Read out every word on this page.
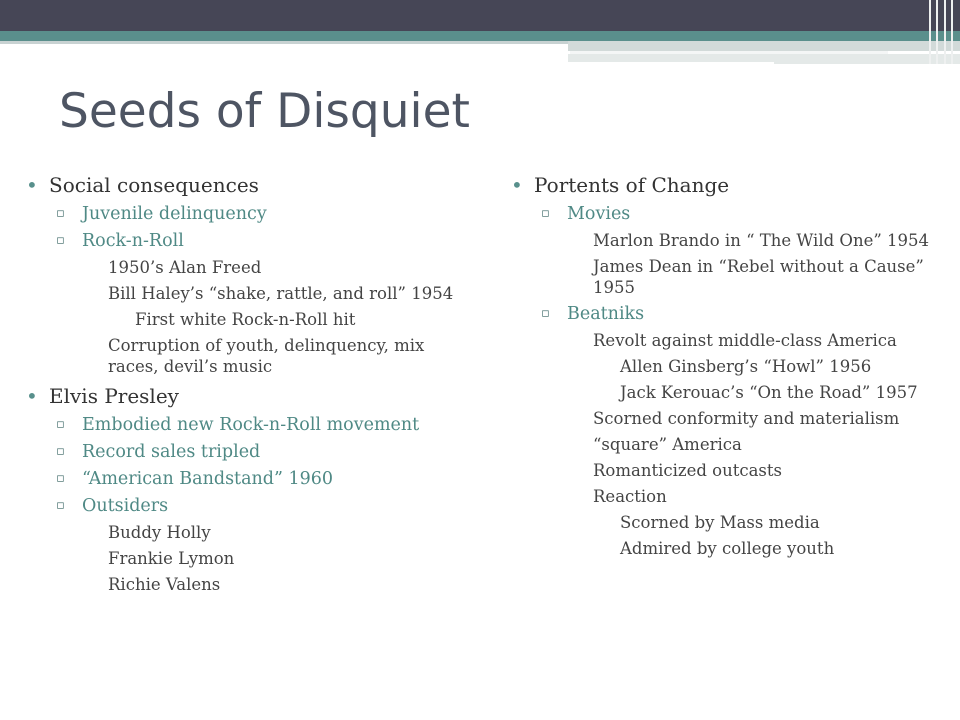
Seeds of Disquiet
• Social consequences
▫ Juvenile delinquency
▫ Rock-n-Roll
1950’s Alan Freed
Bill Haley’s “shake, rattle, and roll” 1954
First white Rock-n-Roll hit
Corruption of youth, delinquency, mix races, devil’s music
• Elvis Presley
▫ Embodied new Rock-n-Roll movement
▫ Record sales tripled
▫ “American Bandstand” 1960
▫ Outsiders
Buddy Holly
Frankie Lymon
Richie Valens
• Portents of Change
▫ Movies
Marlon Brando in “ The Wild One” 1954
James Dean in “Rebel without a Cause” 1955
▫ Beatniks
Revolt against middle-class America
Allen Ginsberg’s “Howl” 1956
Jack Kerouac’s “On the Road” 1957
Scorned conformity and materialism
“square” America
Romanticized outcasts
Reaction
Scorned by Mass media
Admired by college youth
